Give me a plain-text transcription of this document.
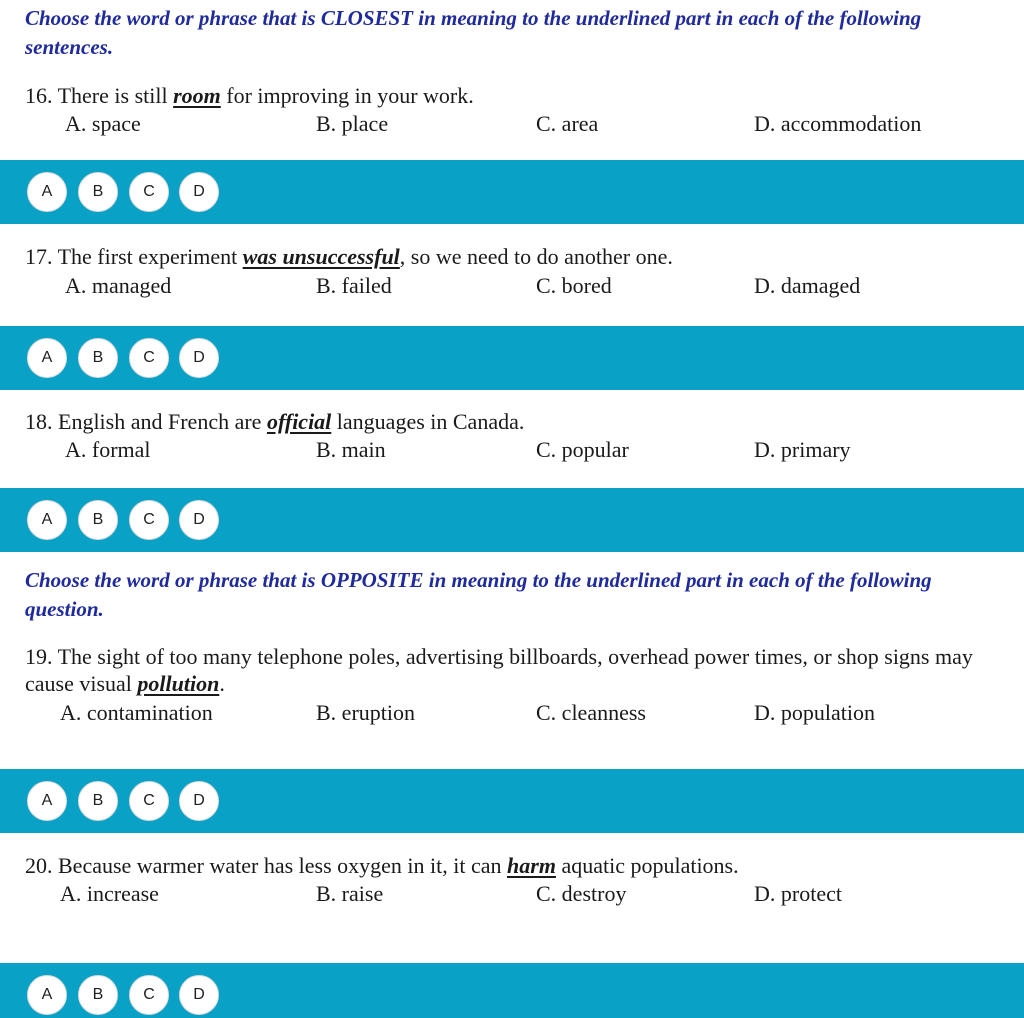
Choose the word or phrase that is CLOSEST in meaning to the underlined part in each of the following sentences.
16. There is still room for improving in your work.
A. space	B. place	C. area	D. accommodation
A	B	C	D
17. The first experiment was unsuccessful, so we need to do another one.
A. managed	B. failed	C. bored	D. damaged
A	B	C	D
18. English and French are official languages in Canada.
A. formal	B. main	C. popular	D. primary
A	B	C	D
Choose the word or phrase that is OPPOSITE in meaning to the underlined part in each of the following question.
19. The sight of too many telephone poles, advertising billboards, overhead power times, or shop signs may cause visual pollution.
A. contamination	B. eruption	C. cleanness	D. population
A	B	C	D
20. Because warmer water has less oxygen in it, it can harm aquatic populations.
A. increase	B. raise	C. destroy	D. protect
A	B	C	D
